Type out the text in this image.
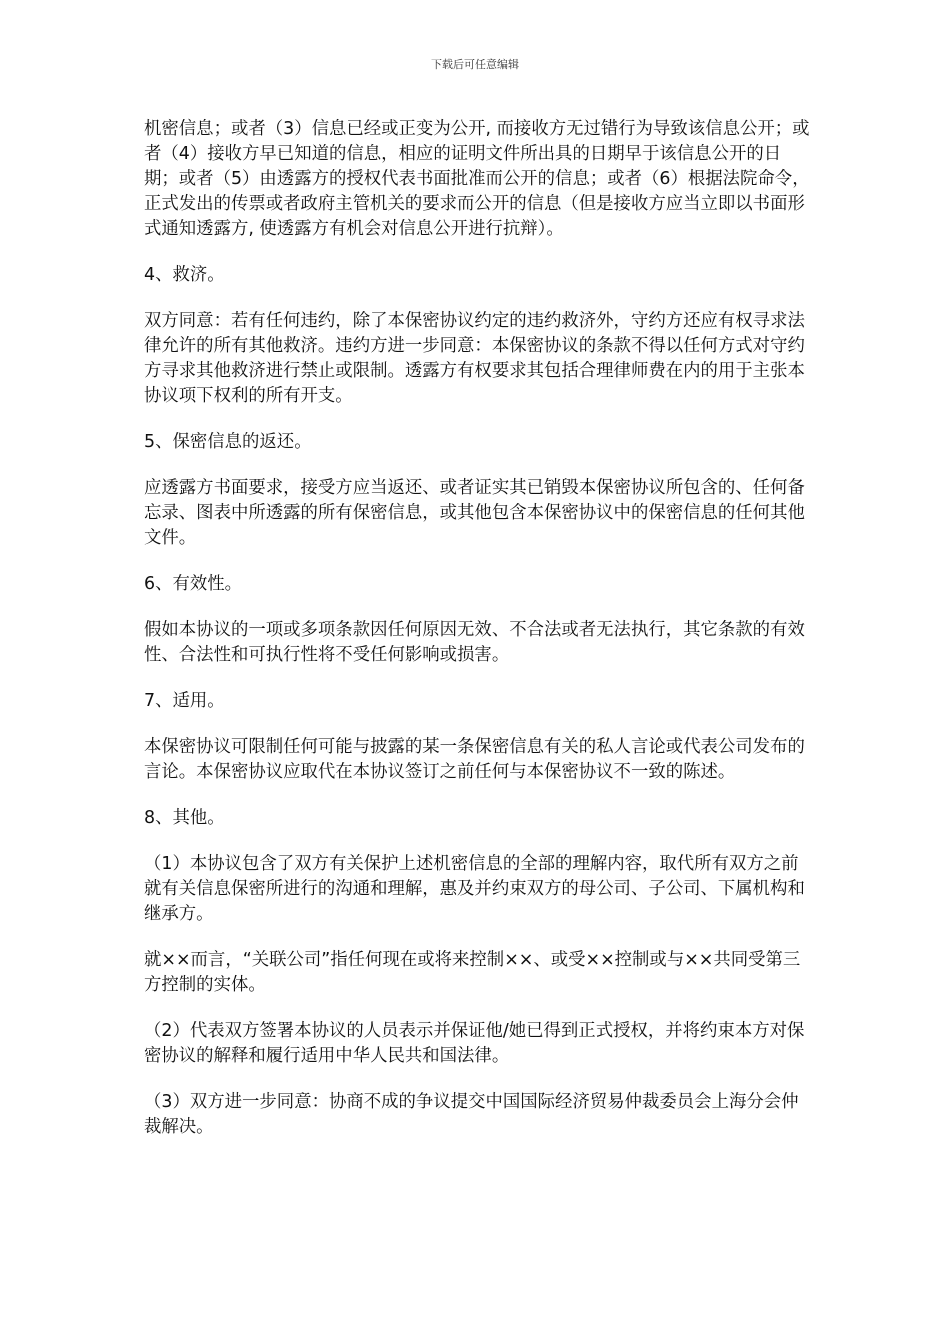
下载后可任意编辑

机密信息；或者（3）信息已经或正变为公开, 而接收方无过错行为导致该信息公开；或者（4）接收方早已知道的信息，相应的证明文件所出具的日期早于该信息公开的日期；或者（5）由透露方的授权代表书面批准而公开的信息；或者（6）根据法院命令，正式发出的传票或者政府主管机关的要求而公开的信息（但是接收方应当立即以书面形式通知透露方, 使透露方有机会对信息公开进行抗辩）。

4、救济。

双方同意：若有任何违约，除了本保密协议约定的违约救济外，守约方还应有权寻求法律允许的所有其他救济。违约方进一步同意：本保密协议的条款不得以任何方式对守约方寻求其他救济进行禁止或限制。透露方有权要求其包括合理律师费在内的用于主张本协议项下权利的所有开支。

5、保密信息的返还。

应透露方书面要求，接受方应当返还、或者证实其已销毁本保密协议所包含的、任何备忘录、图表中所透露的所有保密信息，或其他包含本保密协议中的保密信息的任何其他文件。

6、有效性。

假如本协议的一项或多项条款因任何原因无效、不合法或者无法执行，其它条款的有效性、合法性和可执行性将不受任何影响或损害。

7、适用。

本保密协议可限制任何可能与披露的某一条保密信息有关的私人言论或代表公司发布的言论。本保密协议应取代在本协议签订之前任何与本保密协议不一致的陈述。

8、其他。

（1）本协议包含了双方有关保护上述机密信息的全部的理解内容，取代所有双方之前就有关信息保密所进行的沟通和理解，惠及并约束双方的母公司、子公司、下属机构和继承方。

就××而言，“关联公司”指任何现在或将来控制××、或受××控制或与××共同受第三方控制的实体。

（2）代表双方签署本协议的人员表示并保证他/她已得到正式授权，并将约束本方对保密协议的解释和履行适用中华人民共和国法律。

（3）双方进一步同意：协商不成的争议提交中国国际经济贸易仲裁委员会上海分会仲裁解决。
